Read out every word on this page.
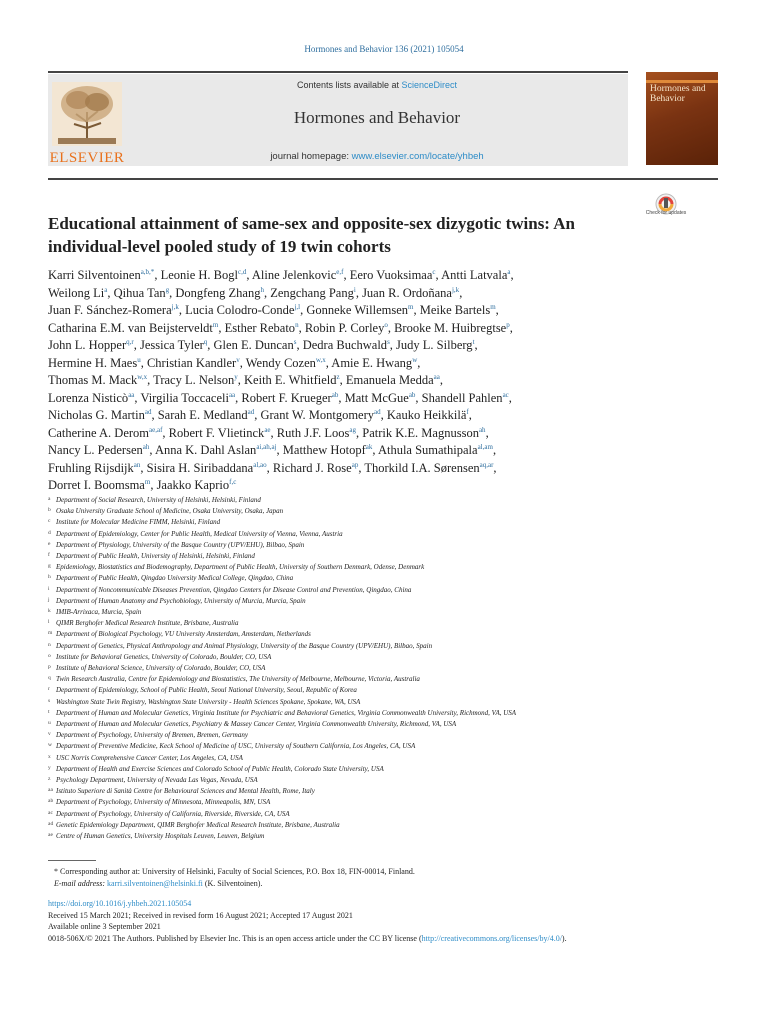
Hormones and Behavior 136 (2021) 105054
ELSEVIER
Contents lists available at ScienceDirect
Hormones and Behavior
journal homepage: www.elsevier.com/locate/yhbeh
Hormones and Behavior
Check for updates
Educational attainment of same-sex and opposite-sex dizygotic twins: An individual-level pooled study of 19 twin cohorts
Karri Silventoinen$^{a,b,*}$, Leonie H. Bogl$^{c,d}$, Aline Jelenkovic$^{e,f}$, Eero Vuoksimaa$^c$, Antti Latvala$^a$,
Weilong Li$^a$, Qihua Tan$^g$, Dongfeng Zhang$^h$, Zengchang Pang$^i$, Juan R. Ordoñana$^{j,k}$,
Juan F. Sánchez-Romera$^{j,k}$, Lucia Colodro-Conde$^{j,l}$, Gonneke Willemsen$^m$, Meike Bartels$^m$,
Catharina E.M. van Beijsterveldt$^m$, Esther Rebato$^n$, Robin P. Corley$^o$, Brooke M. Huibregtse$^p$,
John L. Hopper$^{q,r}$, Jessica Tyler$^q$, Glen E. Duncan$^s$, Dedra Buchwald$^s$, Judy L. Silberg$^t$,
Hermine H. Maes$^u$, Christian Kandler$^v$, Wendy Cozen$^{w,x}$, Amie E. Hwang$^w$,
Thomas M. Mack$^{w,x}$, Tracy L. Nelson$^y$, Keith E. Whitfield$^z$, Emanuela Medda$^{aa}$,
Lorenza Nisticò$^{aa}$, Virgilia Toccaceli$^{aa}$, Robert F. Krueger$^{ab}$, Matt McGue$^{ab}$, Shandell Pahlen$^{ac}$,
Nicholas G. Martin$^{ad}$, Sarah E. Medland$^{ad}$, Grant W. Montgomery$^{ad}$, Kauko Heikkilä$^f$,
Catherine A. Derom$^{ae,af}$, Robert F. Vlietinck$^{ae}$, Ruth J.F. Loos$^{ag}$, Patrik K.E. Magnusson$^{ah}$,
Nancy L. Pedersen$^{ah}$, Anna K. Dahl Aslan$^{ai,ah,aj}$, Matthew Hotopf$^{ak}$, Athula Sumathipala$^{al,am}$,
Fruhling Rijsdijk$^{an}$, Sisira H. Siribaddana$^{al,ao}$, Richard J. Rose$^{ap}$, Thorkild I.A. Sørensen$^{aq,ar}$,
Dorret I. Boomsma$^m$, Jaakko Kaprio$^{f,c}$
a Department of Social Research, University of Helsinki, Helsinki, Finland
b Osaka University Graduate School of Medicine, Osaka University, Osaka, Japan
c Institute for Molecular Medicine FIMM, Helsinki, Finland
d Department of Epidemiology, Center for Public Health, Medical University of Vienna, Vienna, Austria
e Department of Physiology, University of the Basque Country (UPV/EHU), Bilbao, Spain
f Department of Public Health, University of Helsinki, Helsinki, Finland
g Epidemiology, Biostatistics and Biodemography, Department of Public Health, University of Southern Denmark, Odense, Denmark
h Department of Public Health, Qingdao University Medical College, Qingdao, China
i Department of Noncommunicable Diseases Prevention, Qingdao Centers for Disease Control and Prevention, Qingdao, China
j Department of Human Anatomy and Psychobiology, University of Murcia, Murcia, Spain
k IMIB-Arrixaca, Murcia, Spain
l QIMR Berghofer Medical Research Institute, Brisbane, Australia
m Department of Biological Psychology, VU University Amsterdam, Amsterdam, Netherlands
n Department of Genetics, Physical Anthropology and Animal Physiology, University of the Basque Country (UPV/EHU), Bilbao, Spain
o Institute for Behavioral Genetics, University of Colorado, Boulder, CO, USA
p Institute of Behavioral Science, University of Colorado, Boulder, CO, USA
q Twin Research Australia, Centre for Epidemiology and Biostatistics, The University of Melbourne, Melbourne, Victoria, Australia
r Department of Epidemiology, School of Public Health, Seoul National University, Seoul, Republic of Korea
s Washington State Twin Registry, Washington State University - Health Sciences Spokane, Spokane, WA, USA
t Department of Human and Molecular Genetics, Virginia Institute for Psychiatric and Behavioral Genetics, Virginia Commonwealth University, Richmond, VA, USA
u Department of Human and Molecular Genetics, Psychiatry & Massey Cancer Center, Virginia Commonwealth University, Richmond, VA, USA
v Department of Psychology, University of Bremen, Bremen, Germany
w Department of Preventive Medicine, Keck School of Medicine of USC, University of Southern California, Los Angeles, CA, USA
x USC Norris Comprehensive Cancer Center, Los Angeles, CA, USA
y Department of Health and Exercise Sciences and Colorado School of Public Health, Colorado State University, USA
z Psychology Department, University of Nevada Las Vegas, Nevada, USA
aa Istituto Superiore di Sanità Centre for Behavioural Sciences and Mental Health, Rome, Italy
ab Department of Psychology, University of Minnesota, Minneapolis, MN, USA
ac Department of Psychology, University of California, Riverside, Riverside, CA, USA
ad Genetic Epidemiology Department, QIMR Berghofer Medical Research Institute, Brisbane, Australia
ae Centre of Human Genetics, University Hospitals Leuven, Leuven, Belgium
* Corresponding author at: University of Helsinki, Faculty of Social Sciences, P.O. Box 18, FIN-00014, Finland.
E-mail address: karri.silventoinen@helsinki.fi (K. Silventoinen).
https://doi.org/10.1016/j.yhbeh.2021.105054
Received 15 March 2021; Received in revised form 16 August 2021; Accepted 17 August 2021
Available online 3 September 2021
0018-506X/© 2021 The Authors. Published by Elsevier Inc. This is an open access article under the CC BY license (http://creativecommons.org/licenses/by/4.0/).
